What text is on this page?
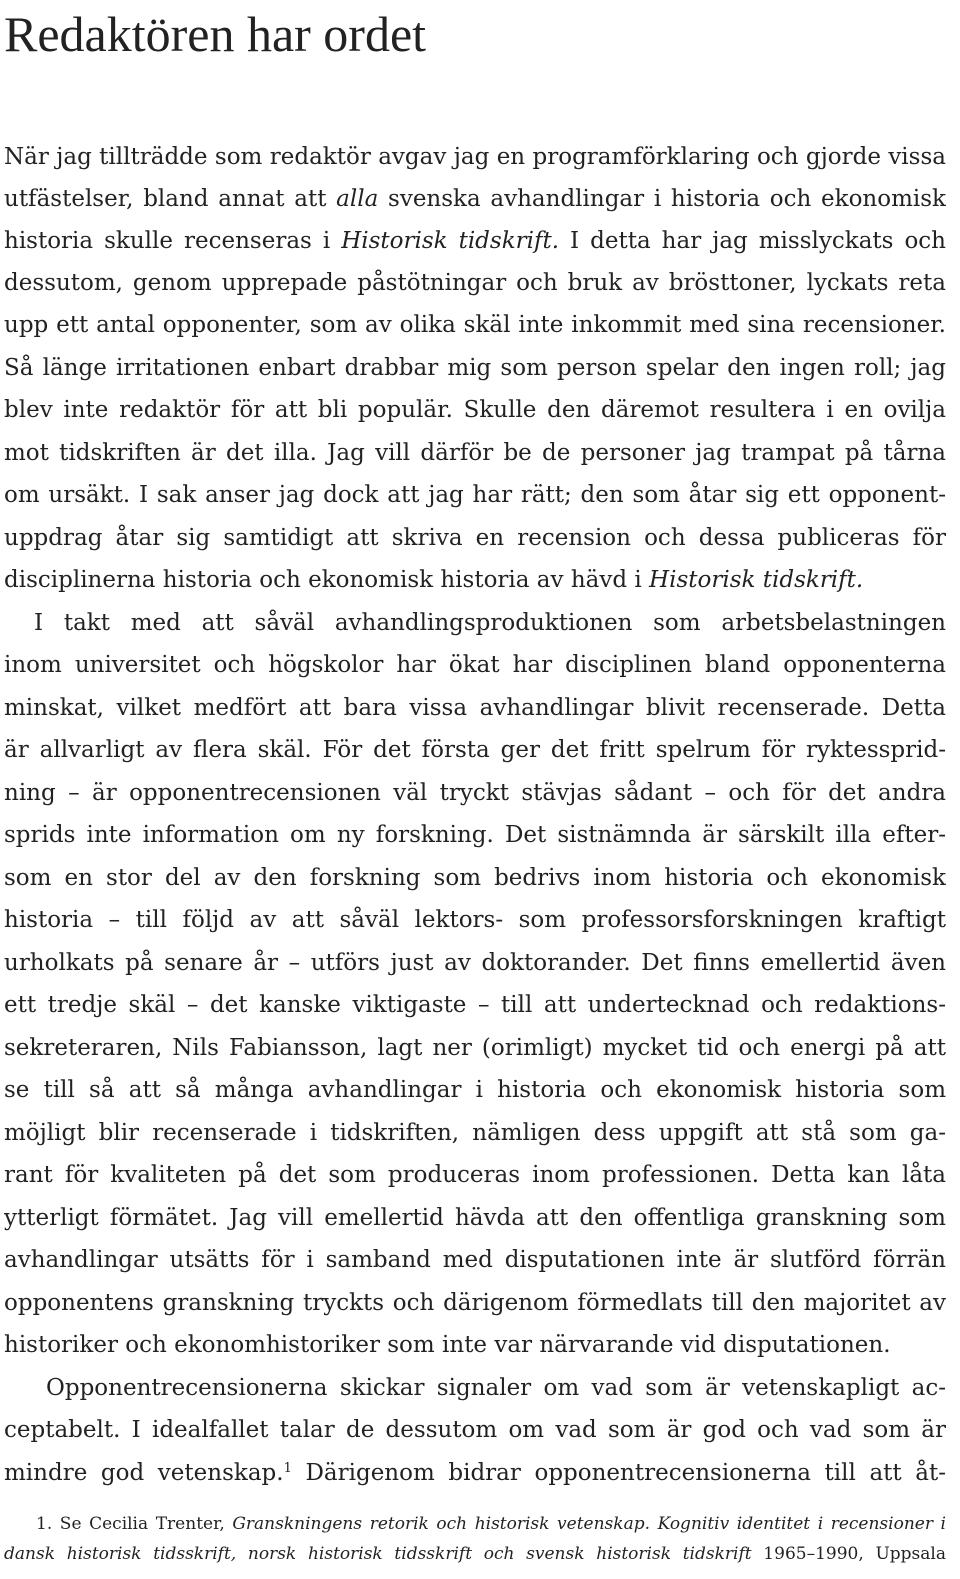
Redaktören har ordet

När jag tillträdde som redaktör avgav jag en programförklaring och gjorde vissa

utfästelser, bland annat att alla svenska avhandlingar i historia och ekonomisk

historia skulle recenseras i Historisk tidskrift. I detta har jag misslyckats och

dessutom, genom upprepade påstötningar och bruk av brösttoner, lyckats reta

upp ett antal opponenter, som av olika skäl inte inkommit med sina recensioner.

Så länge irritationen enbart drabbar mig som person spelar den ingen roll; jag

blev inte redaktör för att bli populär. Skulle den däremot resultera i en ovilja

mot tidskriften är det illa. Jag vill därför be de personer jag trampat på tårna

om ursäkt. I sak anser jag dock att jag har rätt; den som åtar sig ett opponent-

uppdrag åtar sig samtidigt att skriva en recension och dessa publiceras för

disciplinerna historia och ekonomisk historia av hävd i Historisk tidskrift.

I takt med att såväl avhandlingsproduktionen som arbetsbelastningen

inom universitet och högskolor har ökat har disciplinen bland opponenterna

minskat, vilket medfört att bara vissa avhandlingar blivit recenserade. Detta

är allvarligt av flera skäl. För det första ger det fritt spelrum för ryktessprid-

ning – är opponentrecensionen väl tryckt stävjas sådant – och för det andra

sprids inte information om ny forskning. Det sistnämnda är särskilt illa efter-

som en stor del av den forskning som bedrivs inom historia och ekonomisk

historia – till följd av att såväl lektors- som professorsforskningen kraftigt

urholkats på senare år – utförs just av doktorander. Det finns emellertid även

ett tredje skäl – det kanske viktigaste – till att undertecknad och redaktions-

sekreteraren, Nils Fabiansson, lagt ner (orimligt) mycket tid och energi på att

se till så att så många avhandlingar i historia och ekonomisk historia som

möjligt blir recenserade i tidskriften, nämligen dess uppgift att stå som ga-

rant för kvaliteten på det som produceras inom professionen. Detta kan låta

ytterligt förmätet. Jag vill emellertid hävda att den offentliga granskning som

avhandlingar utsätts för i samband med disputationen inte är slutförd förrän

opponentens granskning tryckts och därigenom förmedlats till den majoritet av

historiker och ekonomhistoriker som inte var närvarande vid disputationen.

Opponentrecensionerna skickar signaler om vad som är vetenskapligt ac-

ceptabelt. I idealfallet talar de dessutom om vad som är god och vad som är

mindre god vetenskap.$^1$ Därigenom bidrar opponentrecensionerna till att åt-

1. Se Cecilia Trenter, Granskningens retorik och historisk vetenskap. Kognitiv identitet i recensioner i

dansk historisk tidsskrift, norsk historisk tidsskrift och svensk historisk tidskrift 1965–1990, Uppsala
